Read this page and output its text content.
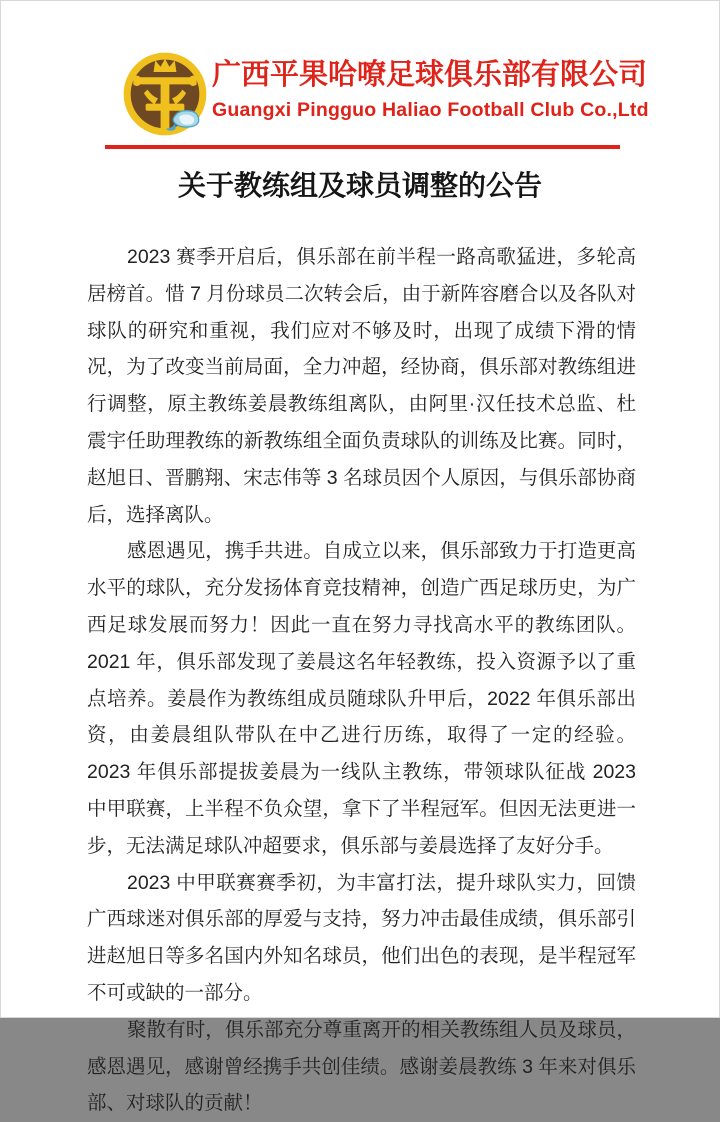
广西平果哈嘹足球俱乐部有限公司
Guangxi Pingguo Haliao Football Club Co.,Ltd
关于教练组及球员调整的公告

2023 赛季开启后，俱乐部在前半程一路高歌猛进，多轮高居榜首。惜 7 月份球员二次转会后，由于新阵容磨合以及各队对球队的研究和重视，我们应对不够及时，出现了成绩下滑的情况，为了改变当前局面，全力冲超，经协商，俱乐部对教练组进行调整，原主教练姜晨教练组离队，由阿里·汉任技术总监、杜震宇任助理教练的新教练组全面负责球队的训练及比赛。同时，赵旭日、晋鹏翔、宋志伟等 3 名球员因个人原因，与俱乐部协商后，选择离队。

感恩遇见，携手共进。自成立以来，俱乐部致力于打造更高水平的球队，充分发扬体育竞技精神，创造广西足球历史，为广西足球发展而努力！因此一直在努力寻找高水平的教练团队。2021 年，俱乐部发现了姜晨这名年轻教练，投入资源予以了重点培养。姜晨作为教练组成员随球队升甲后，2022 年俱乐部出资，由姜晨组队带队在中乙进行历练，取得了一定的经验。2023 年俱乐部提拔姜晨为一线队主教练，带领球队征战 2023 中甲联赛，上半程不负众望，拿下了半程冠军。但因无法更进一步，无法满足球队冲超要求，俱乐部与姜晨选择了友好分手。

2023 中甲联赛赛季初，为丰富打法，提升球队实力，回馈广西球迷对俱乐部的厚爱与支持，努力冲击最佳成绩，俱乐部引进赵旭日等多名国内外知名球员，他们出色的表现，是半程冠军不可或缺的一部分。

聚散有时，俱乐部充分尊重离开的相关教练组人员及球员，感恩遇见，感谢曾经携手共创佳绩。感谢姜晨教练 3 年来对俱乐部、对球队的贡献！
